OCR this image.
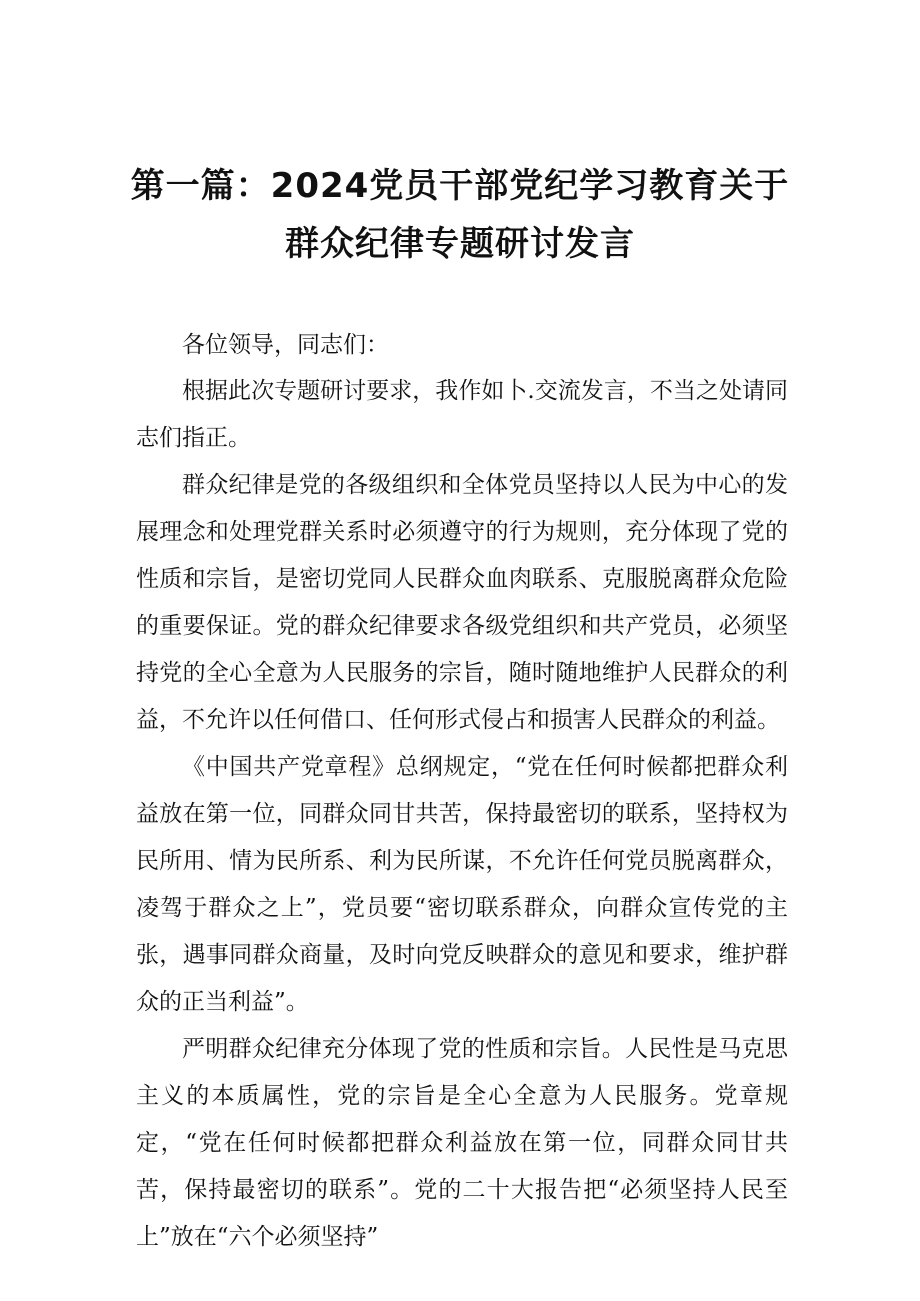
第一篇：2024党员干部党纪学习教育关于
群众纪律专题研讨发言

各位领导，同志们：

根据此次专题研讨要求，我作如卜.交流发言，不当之处请同志们指正。

群众纪律是党的各级组织和全体党员坚持以人民为中心的发展理念和处理党群关系时必须遵守的行为规则，充分体现了党的性质和宗旨，是密切党同人民群众血肉联系、克服脱离群众危险的重要保证。党的群众纪律要求各级党组织和共产党员，必须坚持党的全心全意为人民服务的宗旨，随时随地维护人民群众的利益，不允许以任何借口、任何形式侵占和损害人民群众的利益。

《中国共产党章程》总纲规定，“党在任何时候都把群众利益放在第一位，同群众同甘共苦，保持最密切的联系，坚持权为民所用、情为民所系、利为民所谋，不允许任何党员脱离群众，凌驾于群众之上”，党员要“密切联系群众，向群众宣传党的主张，遇事同群众商量，及时向党反映群众的意见和要求，维护群众的正当利益”。

严明群众纪律充分体现了党的性质和宗旨。人民性是马克思主义的本质属性，党的宗旨是全心全意为人民服务。党章规定，“党在任何时候都把群众利益放在第一位，同群众同甘共苦，保持最密切的联系”。党的二十大报告把“必须坚持人民至上”放在“六个必须坚持”
